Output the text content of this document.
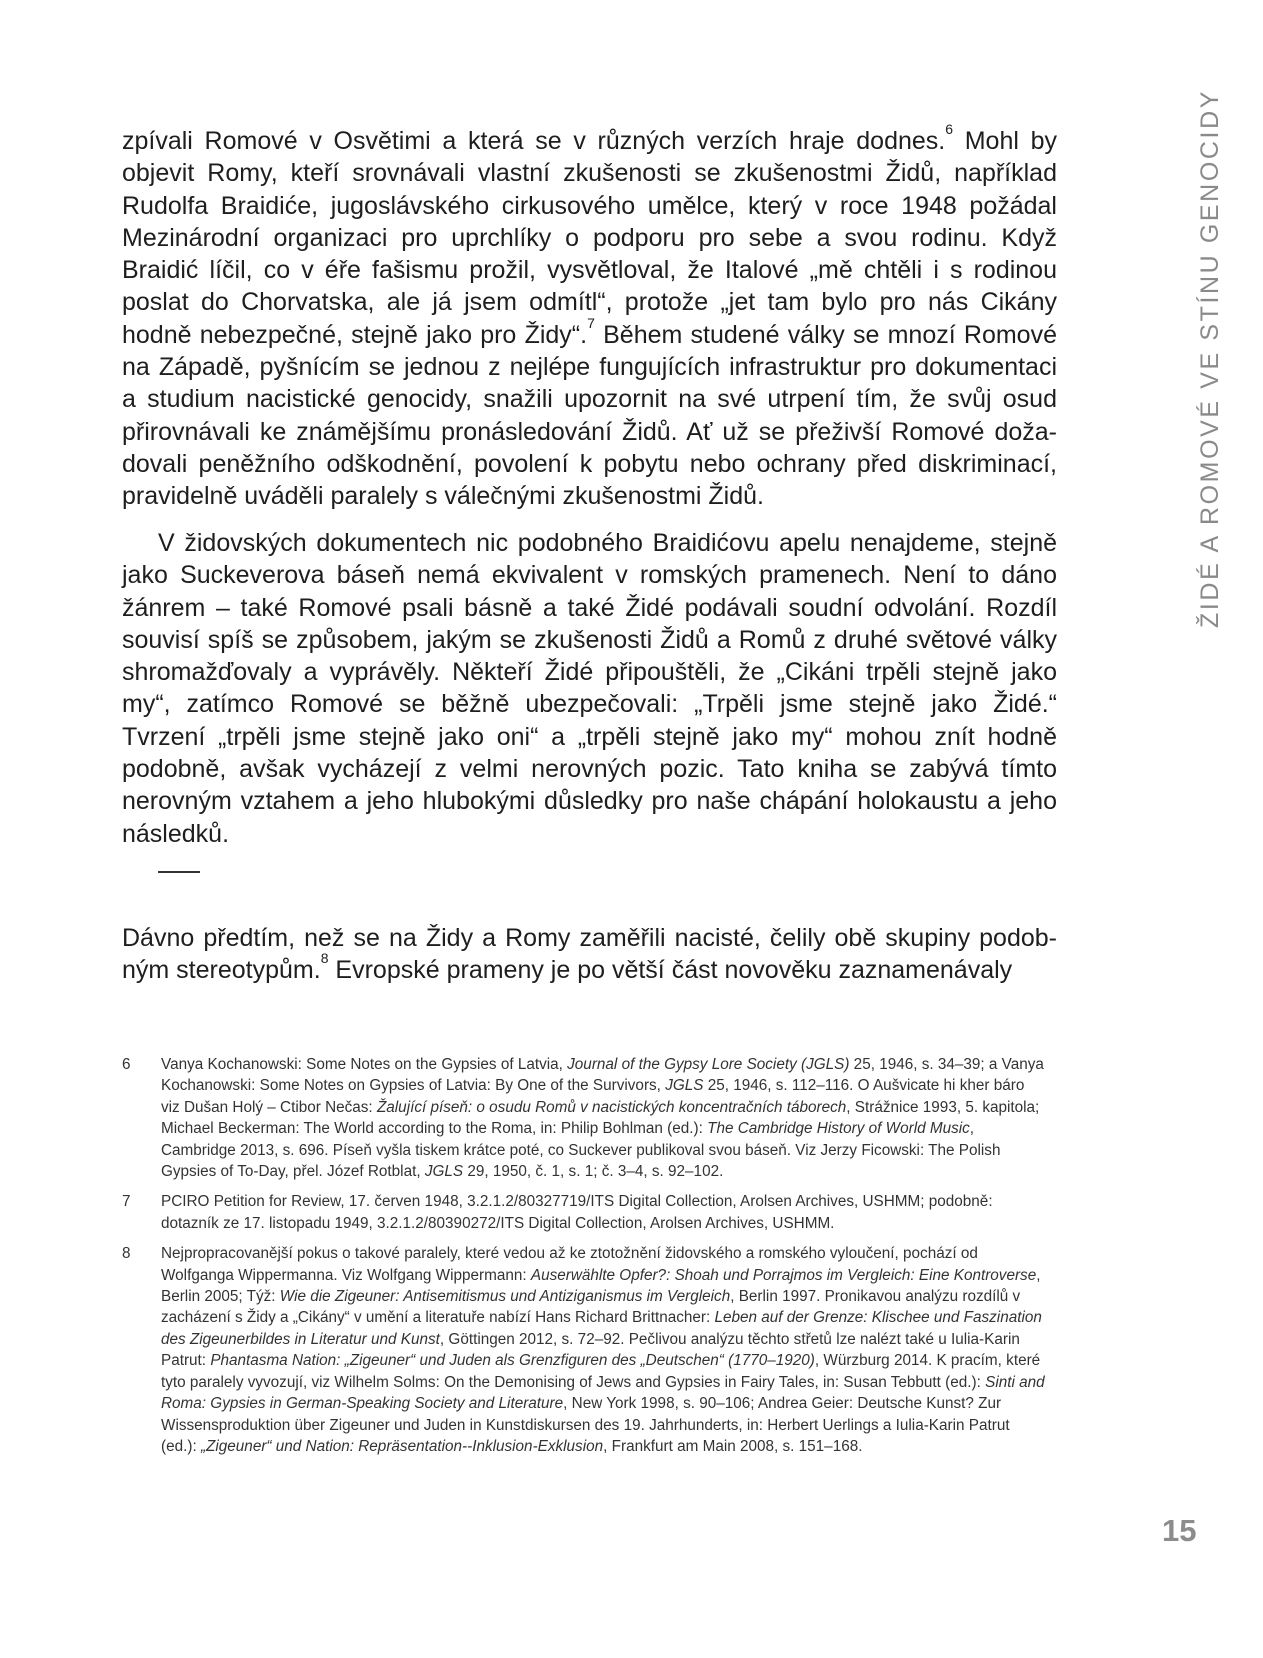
ŽIDÉ A ROMOVÉ VE STÍNU GENOCIDY

zpívali Romové v Osvětimi a která se v různých verzích hraje dodnes.$^6$ Mohl by objevit Romy, kteří srovnávali vlastní zkušenosti se zkušenostmi Židů, například Rudolfa Braidiće, jugoslávského cirkusového umělce, který v roce 1948 požádal Mezinárodní organizaci pro uprchlíky o podporu pro sebe a svou rodinu. Když Braidić líčil, co v éře fašismu prožil, vysvětloval, že Italové „mě chtěli i s rodinou poslat do Chorvatska, ale já jsem odmítl“, protože „jet tam bylo pro nás Cikány hodně nebezpečné, stejně jako pro Židy“.$^7$ Během studené války se mnozí Romové na Západě, pyšnícím se jednou z nejlépe fungujících infrastruktur pro dokumentaci a studium nacistické genocidy, snažili upozornit na své utrpení tím, že svůj osud přirovnávali ke známějšímu pronásledování Židů. Ať už se přeživší Romové dožadovali peněžního odškodnění, povolení k pobytu nebo ochrany před diskriminací, pravidelně uváděli paralely s válečnými zkušenostmi Židů.

V židovských dokumentech nic podobného Braidićovu apelu nenajdeme, stejně jako Suckeverova báseň nemá ekvivalent v romských pramenech. Není to dáno žánrem – také Romové psali básně a také Židé podávali soudní odvolání. Rozdíl souvisí spíš se způsobem, jakým se zkušenosti Židů a Romů z druhé světové války shromažďovaly a vyprávěly. Někteří Židé připouštěli, že „Cikáni trpěli stejně jako my“, zatímco Romové se běžně ubezpečovali: „Trpěli jsme stejně jako Židé.“ Tvrzení „trpěli jsme stejně jako oni“ a „trpěli stejně jako my“ mohou znít hodně podobně, avšak vycházejí z velmi nerovných pozic. Tato kniha se zabývá tímto nerovným vztahem a jeho hlubokými důsledky pro naše chápání holokaustu a jeho následků.

Dávno předtím, než se na Židy a Romy zaměřili nacisté, čelily obě skupiny podobným stereotypům.$^8$ Evropské prameny je po větší část novověku zaznamenávaly

6	Vanya Kochanowski: Some Notes on the Gypsies of Latvia, Journal of the Gypsy Lore Society (JGLS) 25, 1946, s. 34–39; a Vanya Kochanowski: Some Notes on Gypsies of Latvia: By One of the Survivors, JGLS 25, 1946, s. 112–116. O Aušvicate hi kher báro viz Dušan Holý – Ctibor Nečas: Žalující píseň: o osudu Romů v nacistických koncentračních táborech, Strážnice 1993, 5. kapitola; Michael Beckerman: The World according to the Roma, in: Philip Bohlman (ed.): The Cambridge History of World Music, Cambridge 2013, s. 696. Píseň vyšla tiskem krátce poté, co Suckever publikoval svou báseň. Viz Jerzy Ficowski: The Polish Gypsies of To-Day, přel. Józef Rotblat, JGLS 29, 1950, č. 1, s. 1; č. 3–4, s. 92–102.
7	PCIRO Petition for Review, 17. červen 1948, 3.2.1.2/80327719/ITS Digital Collection, Arolsen Archives, USHMM; podobně: dotazník ze 17. listopadu 1949, 3.2.1.2/80390272/ITS Digital Collection, Arolsen Archives, USHMM.
8	Nejpropracovanější pokus o takové paralely, které vedou až ke ztotožnění židovského a romského vyloučení, pochází od Wolfganga Wippermanna. Viz Wolfgang Wippermann: Auserwählte Opfer?: Shoah und Porrajmos im Vergleich: Eine Kontroverse, Berlin 2005; Týž: Wie die Zigeuner: Antisemitismus und Antiziganismus im Vergleich, Berlin 1997. Pronikavou analýzu rozdílů v zacházení s Židy a „Cikány“ v umění a literatuře nabízí Hans Richard Brittnacher: Leben auf der Grenze: Klischee und Faszination des Zigeunerbildes in Literatur und Kunst, Göttingen 2012, s. 72–92. Pečlivou analýzu těchto střetů lze nalézt také u Iulia-Karin Patrut: Phantasma Nation: „Zigeuner“ und Juden als Grenzfiguren des „Deutschen“ (1770–1920), Würzburg 2014. K pracím, které tyto paralely vyvozují, viz Wilhelm Solms: On the Demonising of Jews and Gypsies in Fairy Tales, in: Susan Tebbutt (ed.): Sinti and Roma: Gypsies in German-Speaking Society and Literature, New York 1998, s. 90–106; Andrea Geier: Deutsche Kunst? Zur Wissensproduktion über Zigeuner und Juden in Kunstdiskursen des 19. Jahrhunderts, in: Herbert Uerlings a Iulia-Karin Patrut (ed.): „Zigeuner“ und Nation: Repräsentation--Inklusion-Exklusion, Frankfurt am Main 2008, s. 151–168.
15
